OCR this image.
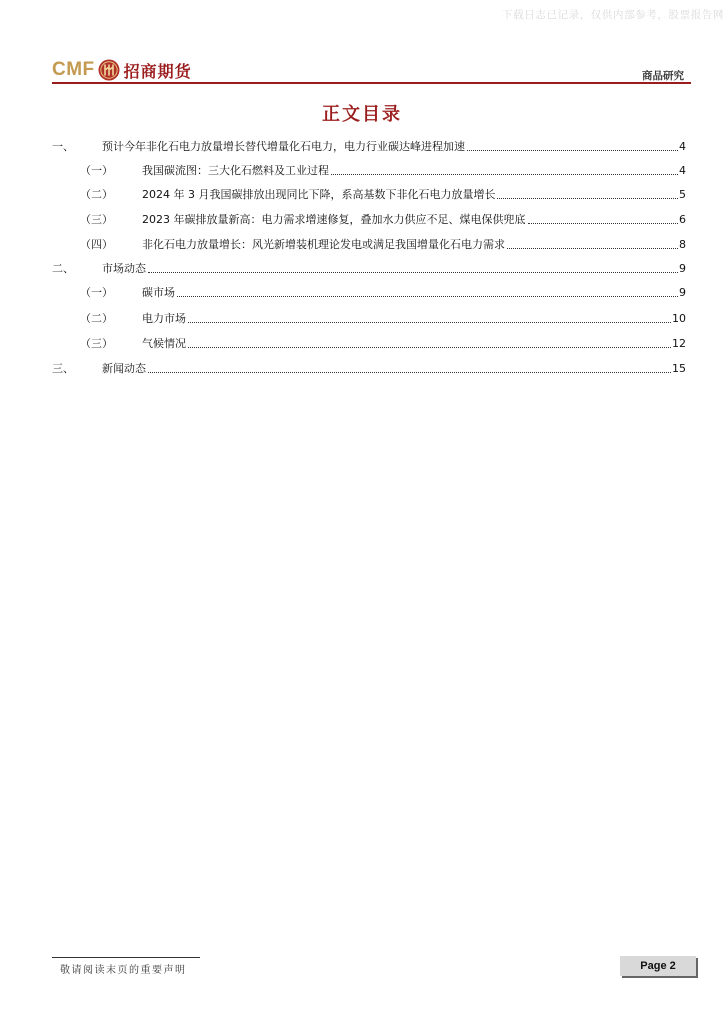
下载日志已记录，仅供内部参考，股票报告网
CMF 招商期货	商品研究
正文目录
一、	预计今年非化石电力放量增长替代增量化石电力，电力行业碳达峰进程加速	4
（一）	我国碳流图：三大化石燃料及工业过程	4
（二）	2024 年 3 月我国碳排放出现同比下降，系高基数下非化石电力放量增长	5
（三）	2023 年碳排放量新高：电力需求增速修复，叠加水力供应不足、煤电保供兜底	6
（四）	非化石电力放量增长：风光新增装机理论发电或满足我国增量化石电力需求	8
二、	市场动态	9
（一）	碳市场	9
（二）	电力市场	10
（三）	气候情况	12
三、	新闻动态	15
敬请阅读末页的重要声明	Page 2
